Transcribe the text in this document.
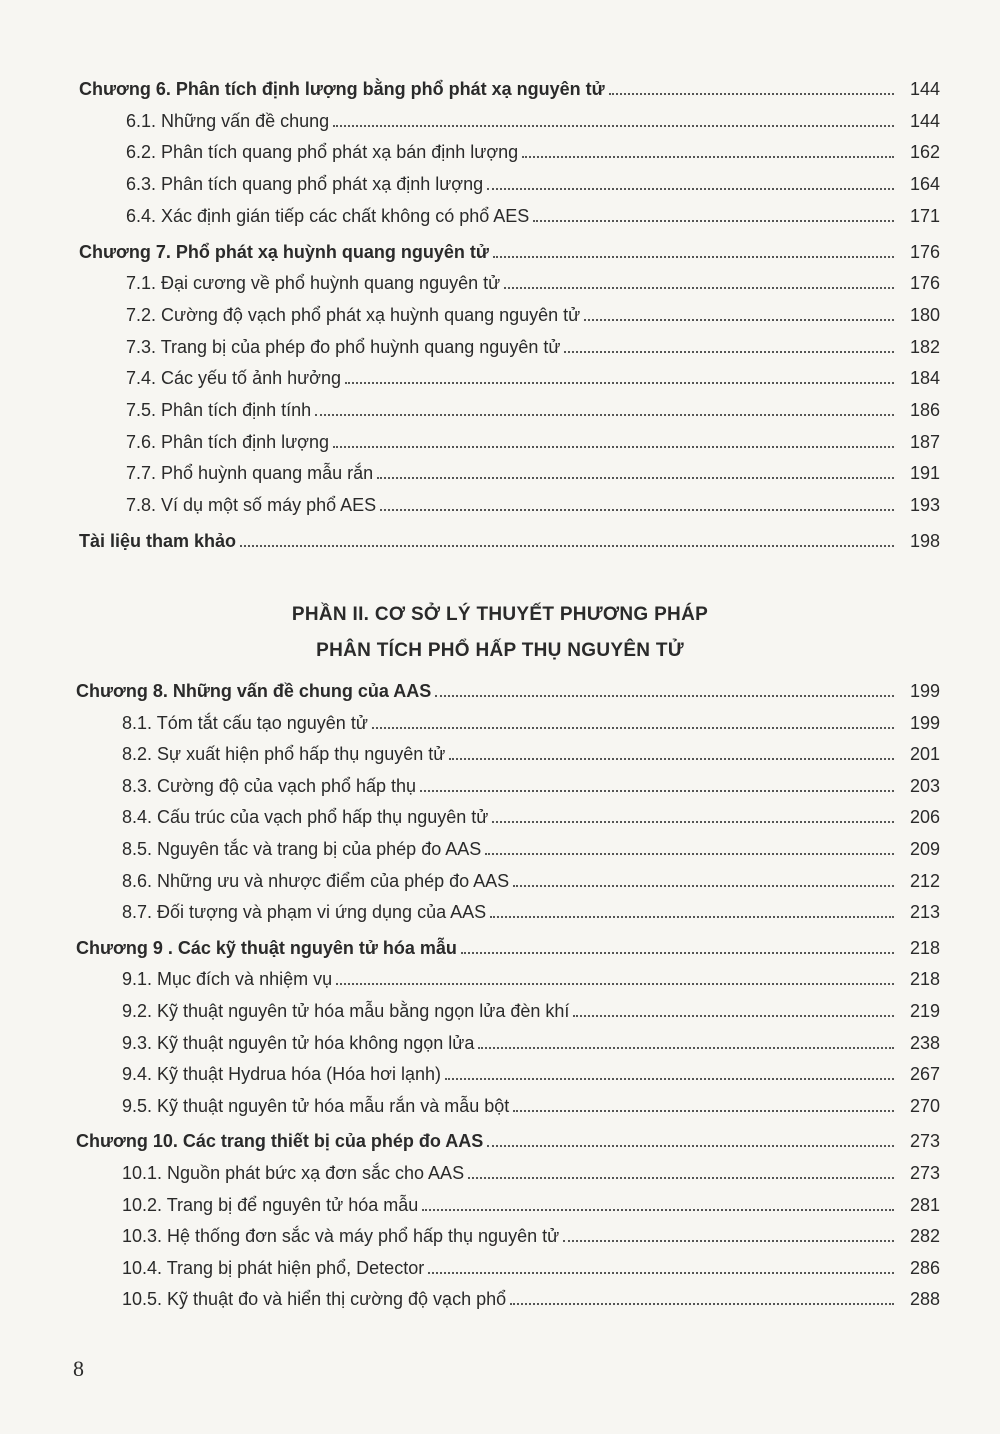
Chương 6. Phân tích định lượng bằng phổ phát xạ nguyên tử	144
6.1. Những vấn đề chung	144
6.2. Phân tích quang phổ phát xạ bán định lượng	162
6.3. Phân tích quang phổ phát xạ định lượng	164
6.4. Xác định gián tiếp các chất không có phổ AES	171
Chương 7. Phổ phát xạ huỳnh quang nguyên tử	176
7.1. Đại cương về phổ huỳnh quang nguyên tử	176
7.2. Cường độ vạch phổ phát xạ huỳnh quang nguyên tử	180
7.3. Trang bị của phép đo phổ huỳnh quang nguyên tử	182
7.4. Các yếu tố ảnh hưởng	184
7.5. Phân tích định tính	186
7.6. Phân tích định lượng	187
7.7. Phổ huỳnh quang mẫu rắn	191
7.8. Ví dụ một số máy phổ AES	193
Tài liệu tham khảo	198
PHẦN II. CƠ SỞ LÝ THUYẾT PHƯƠNG PHÁP
PHÂN TÍCH PHỔ HẤP THỤ NGUYÊN TỬ
Chương 8. Những vấn đề chung của AAS	199
8.1. Tóm tắt cấu tạo nguyên tử	199
8.2. Sự xuất hiện phổ hấp thụ nguyên tử	201
8.3. Cường độ của vạch phổ hấp thụ	203
8.4. Cấu trúc của vạch phổ hấp thụ nguyên tử	206
8.5. Nguyên tắc và trang bị của phép đo AAS	209
8.6. Những ưu và nhược điểm của phép đo AAS	212
8.7. Đối tượng và phạm vi ứng dụng của AAS	213
Chương 9 . Các kỹ thuật nguyên tử hóa mẫu	218
9.1. Mục đích và nhiệm vụ	218
9.2. Kỹ thuật nguyên tử hóa mẫu bằng ngọn lửa đèn khí	219
9.3. Kỹ thuật nguyên tử hóa không ngọn lửa	238
9.4. Kỹ thuật Hydrua hóa (Hóa hơi lạnh)	267
9.5. Kỹ thuật nguyên tử hóa mẫu rắn và mẫu bột	270
Chương 10. Các trang thiết bị của phép đo AAS	273
10.1. Nguồn phát bức xạ đơn sắc cho AAS	273
10.2. Trang bị để nguyên tử hóa mẫu	281
10.3. Hệ thống đơn sắc và máy phổ hấp thụ nguyên tử	282
10.4. Trang bị phát hiện phổ, Detector	286
10.5. Kỹ thuật đo và hiển thị cường độ vạch phổ	288
8
